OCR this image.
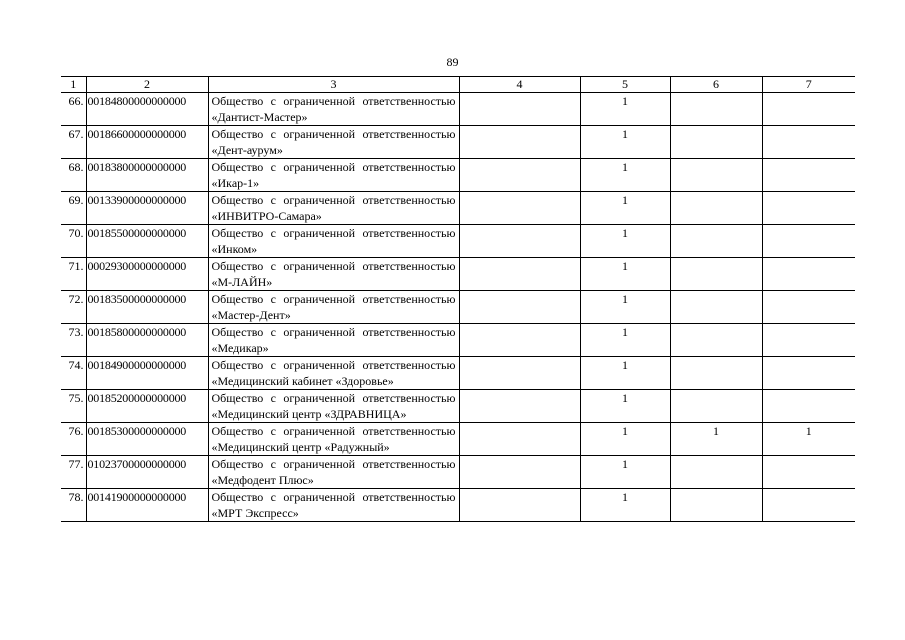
89
1	2	3	4	5	6	7
66.	00184800000000000	Общество с ограниченной ответственностью «Дантист-Мастер»		1		
67.	00186600000000000	Общество с ограниченной ответственностью «Дент-аурум»		1		
68.	00183800000000000	Общество с ограниченной ответственностью «Икар-1»		1		
69.	00133900000000000	Общество с ограниченной ответственностью «ИНВИТРО-Самара»		1		
70.	00185500000000000	Общество с ограниченной ответственностью «Инком»		1		
71.	00029300000000000	Общество с ограниченной ответственностью «М-ЛАЙН»		1		
72.	00183500000000000	Общество с ограниченной ответственностью «Мастер-Дент»		1		
73.	00185800000000000	Общество с ограниченной ответственностью «Медикар»		1		
74.	00184900000000000	Общество с ограниченной ответственностью «Медицинский кабинет «Здоровье»		1		
75.	00185200000000000	Общество с ограниченной ответственностью «Медицинский центр «ЗДРАВНИЦА»		1		
76.	00185300000000000	Общество с ограниченной ответственностью «Медицинский центр «Радужный»		1	1	1
77.	01023700000000000	Общество с ограниченной ответственностью «Медфодент Плюс»		1		
78.	00141900000000000	Общество с ограниченной ответственностью «МРТ Экспресс»		1		
